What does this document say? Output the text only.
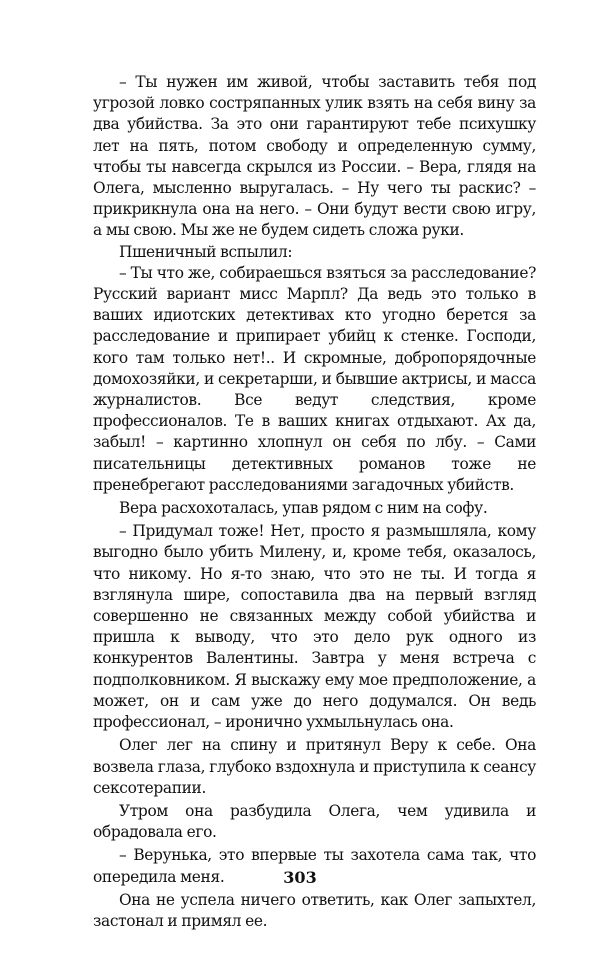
– Ты нужен им живой, чтобы заставить тебя под угрозой ловко состряпанных улик взять на себя вину за два убийства. За это они гарантируют тебе психушку лет на пять, потом свободу и определенную сумму, чтобы ты навсегда скрылся из России. – Вера, глядя на Олега, мысленно выругалась. – Ну чего ты раскис? – прикрикнула она на него. – Они будут вести свою игру, а мы свою. Мы же не будем сидеть сложа руки.

Пшеничный вспылил:

– Ты что же, собираешься взяться за расследование? Русский вариант мисс Марпл? Да ведь это только в ваших идиотских детективах кто угодно берется за расследование и припирает убийц к стенке. Господи, кого там только нет!.. И скромные, добропорядочные домохозяйки, и секретарши, и бывшие актрисы, и масса журналистов. Все ведут следствия, кроме профессионалов. Те в ваших книгах отдыхают. Ах да, забыл! – картинно хлопнул он себя по лбу. – Сами писательницы детективных романов тоже не пренебрегают расследованиями загадочных убийств.

Вера расхохоталась, упав рядом с ним на софу.

– Придумал тоже! Нет, просто я размышляла, кому выгодно было убить Милену, и, кроме тебя, оказалось, что никому. Но я-то знаю, что это не ты. И тогда я взглянула шире, сопоставила два на первый взгляд совершенно не связанных между собой убийства и пришла к выводу, что это дело рук одного из конкурентов Валентины. Завтра у меня встреча с подполковником. Я выскажу ему мое предположение, а может, он и сам уже до него додумался. Он ведь профессионал, – иронично ухмыльнулась она.

Олег лег на спину и притянул Веру к себе. Она возвела глаза, глубоко вздохнула и приступила к сеансу сексотерапии.

Утром она разбудила Олега, чем удивила и обрадовала его.

– Верунька, это впервые ты захотела сама так, что опередила меня.

Она не успела ничего ответить, как Олег запыхтел, застонал и примял ее.

303
